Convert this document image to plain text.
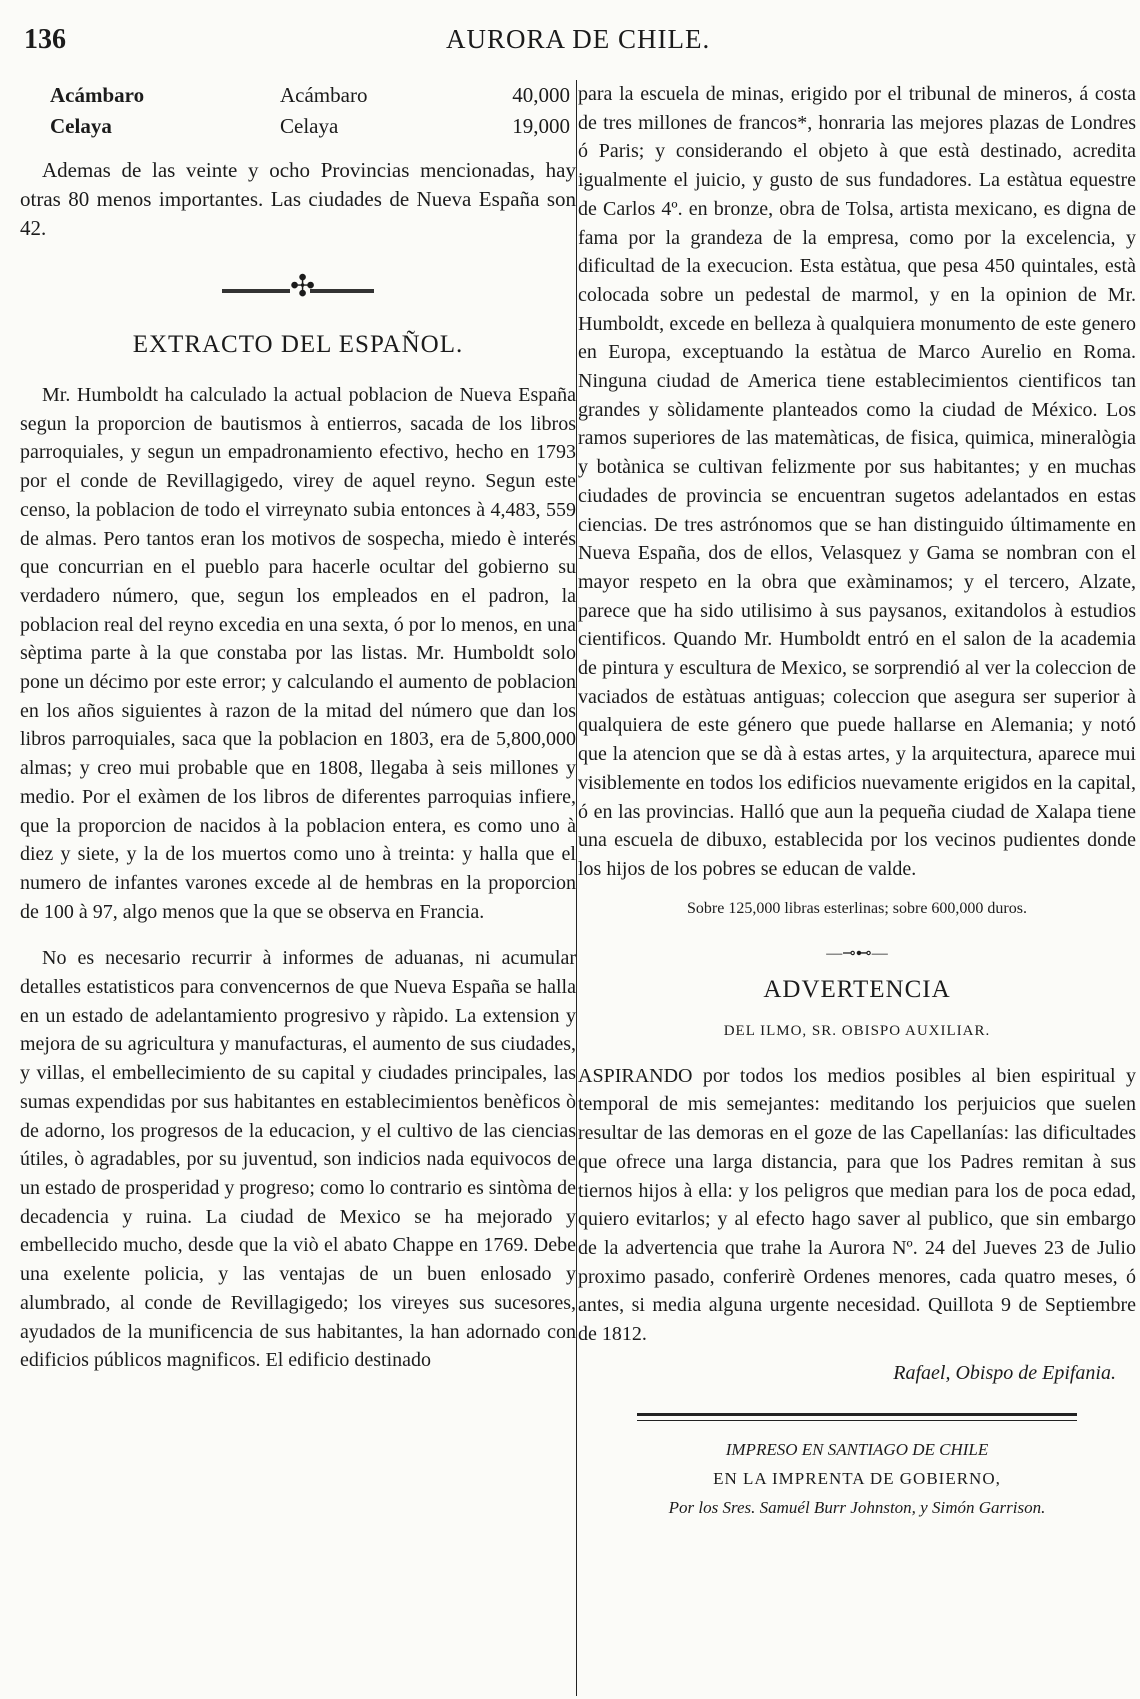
136	AURORA DE CHILE.
Acámbaro	Acámbaro	40,000
Celaya	Celaya	19,000

Ademas de las veinte y ocho Provincias mencionadas, hay otras 80 menos importantes. Las ciudades de Nueva España son 42.

✣
EXTRACTO DEL ESPAÑOL.

Mr. Humboldt ha calculado la actual poblacion de Nueva España segun la proporcion de bautismos à entierros, sacada de los libros parroquiales, y segun un empadronamiento efectivo, hecho en 1793 por el conde de Revillagigedo, virey de aquel reyno. Segun este censo, la poblacion de todo el virreynato subia entonces à 4,483, 559 de almas. Pero tantos eran los motivos de sospecha, miedo è interés que concurrian en el pueblo para hacerle ocultar del gobierno su verdadero número, que, segun los empleados en el padron, la poblacion real del reyno excedia en una sexta, ó por lo menos, en una sèptima parte à la que constaba por las listas. Mr. Humboldt solo pone un décimo por este error; y calculando el aumento de poblacion en los años siguientes à razon de la mitad del número que dan los libros parroquiales, saca que la poblacion en 1803, era de 5,800,000 almas; y creo mui probable que en 1808, llegaba à seis millones y medio. Por el exàmen de los libros de diferentes parroquias infiere, que la proporcion de nacidos à la poblacion entera, es como uno à diez y siete, y la de los muertos como uno à treinta: y halla que el numero de infantes varones excede al de hembras en la proporcion de 100 à 97, algo menos que la que se observa en Francia.

No es necesario recurrir à informes de aduanas, ni acumular detalles estatisticos para convencernos de que Nueva España se halla en un estado de adelantamiento progresivo y ràpido. La extension y mejora de su agricultura y manufacturas, el aumento de sus ciudades, y villas, el embellecimiento de su capital y ciudades principales, las sumas expendidas por sus habitantes en establecimientos benèficos ò de adorno, los progresos de la educacion, y el cultivo de las ciencias útiles, ò agradables, por su juventud, son indicios nada equivocos de un estado de prosperidad y progreso; como lo contrario es sintòma de decadencia y ruina. La ciudad de Mexico se ha mejorado y embellecido mucho, desde que la viò el abato Chappe en 1769. Debe una exelente policia, y las ventajas de un buen enlosado y alumbrado, al conde de Revillagigedo; los vireyes sus sucesores, ayudados de la munificencia de sus habitantes, la han adornado con edificios públicos magnificos. El edificio destinado

para la escuela de minas, erigido por el tribunal de mineros, á costa de tres millones de francos*, honraria las mejores plazas de Londres ó Paris; y considerando el objeto à que està destinado, acredita igualmente el juicio, y gusto de sus fundadores. La estàtua equestre de Carlos 4º. en bronze, obra de Tolsa, artista mexicano, es digna de fama por la grandeza de la empresa, como por la excelencia, y dificultad de la execucion. Esta estàtua, que pesa 450 quintales, està colocada sobre un pedestal de marmol, y en la opinion de Mr. Humboldt, excede en belleza à qualquiera monumento de este genero en Europa, exceptuando la estàtua de Marco Aurelio en Roma. Ninguna ciudad de America tiene establecimientos cientificos tan grandes y sòlidamente planteados como la ciudad de México. Los ramos superiores de las matemàticas, de fisica, quimica, mineralògia y botànica se cultivan felizmente por sus habitantes; y en muchas ciudades de provincia se encuentran sugetos adelantados en estas ciencias. De tres astrónomos que se han distinguido últimamente en Nueva España, dos de ellos, Velasquez y Gama se nombran con el mayor respeto en la obra que exàminamos; y el tercero, Alzate, parece que ha sido utilisimo à sus paysanos, exitandolos à estudios cientificos. Quando Mr. Humboldt entró en el salon de la academia de pintura y escultura de Mexico, se sorprendió al ver la coleccion de vaciados de estàtuas antiguas; coleccion que asegura ser superior à qualquiera de este género que puede hallarse en Alemania; y notó que la atencion que se dà à estas artes, y la arquitectura, aparece mui visiblemente en todos los edificios nuevamente erigidos en la capital, ó en las provincias. Halló que aun la pequeña ciudad de Xalapa tiene una escuela de dibuxo, establecida por los vecinos pudientes donde los hijos de los pobres se educan de valde.

Sobre 125,000 libras esterlinas; sobre 600,000 duros.
—⊸⊷—
ADVERTENCIA
DEL ILMO, SR. OBISPO AUXILIAR.

ASPIRANDO por todos los medios posibles al bien espiritual y temporal de mis semejantes: meditando los perjuicios que suelen resultar de las demoras en el goze de las Capellanías: las dificultades que ofrece una larga distancia, para que los Padres remitan à sus tiernos hijos à ella: y los peligros que median para los de poca edad, quiero evitarlos; y al efecto hago saver al publico, que sin embargo de la advertencia que trahe la Aurora Nº. 24 del Jueves 23 de Julio proximo pasado, conferirè Ordenes menores, cada quatro meses, ó antes, si media alguna urgente necesidad. Quillota 9 de Septiembre de 1812.

Rafael, Obispo de Epifania.
IMPRESO EN SANTIAGO DE CHILE
EN LA IMPRENTA DE GOBIERNO,
Por los Sres. Samuél Burr Johnston, y Simón Garrison.
